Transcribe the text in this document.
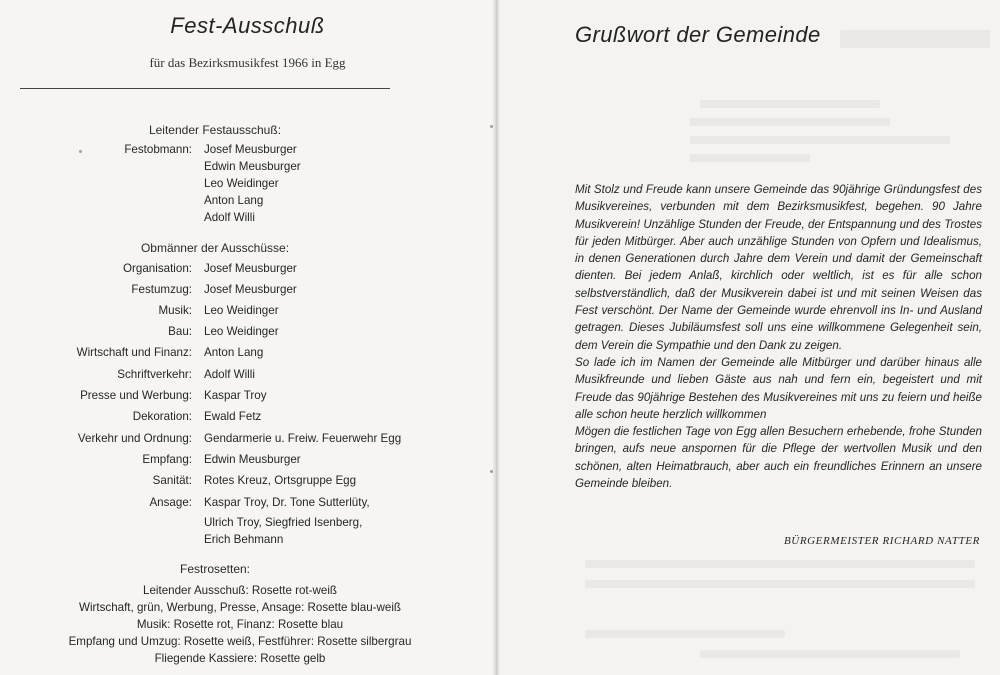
Fest-Ausschuß
für das Bezirksmusikfest 1966 in Egg
Leitender Festausschuß:
Festobmann: Josef Meusburger
Edwin Meusburger
Leo Weidinger
Anton Lang
Adolf Willi
Obmänner der Ausschüsse:
Organisation: Josef Meusburger
Festumzug: Josef Meusburger
Musik: Leo Weidinger
Bau: Leo Weidinger
Wirtschaft und Finanz: Anton Lang
Schriftverkehr: Adolf Willi
Presse und Werbung: Kaspar Troy
Dekoration: Ewald Fetz
Verkehr und Ordnung: Gendarmerie u. Freiw. Feuerwehr Egg
Empfang: Edwin Meusburger
Sanität: Rotes Kreuz, Ortsgruppe Egg
Ansage: Kaspar Troy, Dr. Tone Sutterlüty,
Ulrich Troy, Siegfried Isenberg,
Erich Behmann
Festrosetten:
Leitender Ausschuß: Rosette rot-weiß
Wirtschaft, grün, Werbung, Presse, Ansage: Rosette blau-weiß
Musik: Rosette rot, Finanz: Rosette blau
Empfang und Umzug: Rosette weiß, Festführer: Rosette silbergrau
Fliegende Kassiere: Rosette gelb
Grußwort der Gemeinde

Mit Stolz und Freude kann unsere Gemeinde das 90jährige Gründungsfest des Musikvereines, verbunden mit dem Bezirksmusikfest, begehen. 90 Jahre Musikverein! Unzählige Stunden der Freude, der Entspannung und des Trostes für jeden Mitbürger. Aber auch unzählige Stunden von Opfern und Idealismus, in denen Generationen durch Jahre dem Verein und damit der Gemeinschaft dienten. Bei jedem Anlaß, kirchlich oder weltlich, ist es für alle schon selbstverständlich, daß der Musikverein dabei ist und mit seinen Weisen das Fest verschönt. Der Name der Gemeinde wurde ehrenvoll ins In- und Ausland getragen. Dieses Jubiläumsfest soll uns eine willkommene Gelegenheit sein, dem Verein die Sympathie und den Dank zu zeigen.

So lade ich im Namen der Gemeinde alle Mitbürger und darüber hinaus alle Musikfreunde und lieben Gäste aus nah und fern ein, begeistert und mit Freude das 90jährige Bestehen des Musikvereines mit uns zu feiern und heiße alle schon heute herzlich willkommen

Mögen die festlichen Tage von Egg allen Besuchern erhebende, frohe Stunden bringen, aufs neue anspornen für die Pflege der wertvollen Musik und den schönen, alten Heimatbrauch, aber auch ein freundliches Erinnern an unsere Gemeinde bleiben.

BÜRGERMEISTER RICHARD NATTER
